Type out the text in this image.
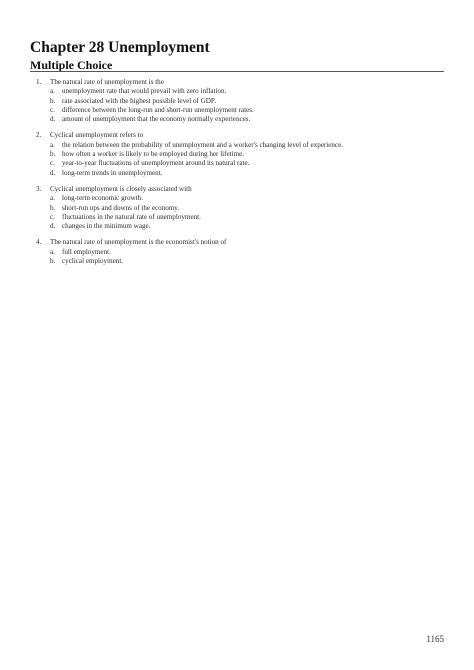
Chapter 28 Unemployment
Multiple Choice
1. The natural rate of unemployment is the
a. unemployment rate that would prevail with zero inflation.
b. rate associated with the highest possible level of GDP.
c. difference between the long-run and short-run unemployment rates.
d. amount of unemployment that the economy normally experiences.
2. Cyclical unemployment refers to
a. the relation between the probability of unemployment and a worker's changing level of experience.
b. how often a worker is likely to be employed during her lifetime.
c. year-to-year fluctuations of unemployment around its natural rate.
d. long-term trends in unemployment.
3. Cyclical unemployment is closely associated with
a. long-term economic growth.
b. short-run ups and downs of the economy.
c. fluctuations in the natural rate of unemployment.
d. changes in the minimum wage.
4. The natural rate of unemployment is the economist's notion of
a. full employment.
b. cyclical employment.
1165
